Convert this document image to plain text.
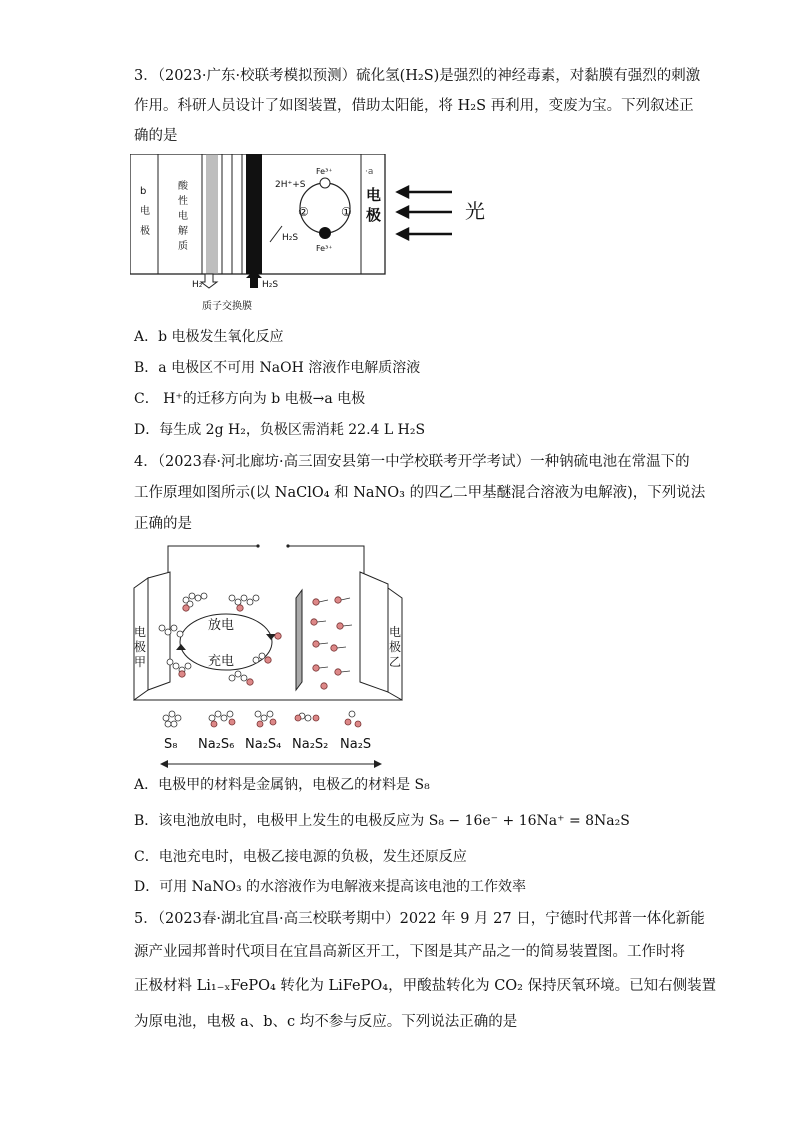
3．（2023·广东·校联考模拟预测）硫化氢(H₂S)是强烈的神经毒素，对黏膜有强烈的刺激
作用。科研人员设计了如图装置，借助太阳能，将 H₂S 再利用，变废为宝。下列叙述正
确的是
b
电
极
酸
性
电
解
质
·a
电
极
Fe³⁺
Fe³⁺
2H⁺+S
②	①
H₂S
H₂	H₂S
质子交换膜
光
A．b 电极发生氧化反应
B．a 电极区不可用 NaOH 溶液作电解质溶液
C． H⁺的迁移方向为 b 电极→a 电极
D．每生成 2g H₂，负极区需消耗 22.4 L H₂S
4．（2023春·河北廊坊·高三固安县第一中学校联考开学考试）一种钠硫电池在常温下的
工作原理如图所示(以 NaClO₄ 和 NaNO₃ 的四乙二甲基醚混合溶液为电解液)，下列说法
正确的是
电
极
甲
电
极
乙
放电
充电
S₈ Na₂S₆ Na₂S₄ Na₂S₂ Na₂S
A．电极甲的材料是金属钠，电极乙的材料是 S₈
B．该电池放电时，电极甲上发生的电极反应为 S₈ − 16e⁻ + 16Na⁺ = 8Na₂S
C．电池充电时，电极乙接电源的负极，发生还原反应
D．可用 NaNO₃ 的水溶液作为电解液来提高该电池的工作效率
5．（2023春·湖北宜昌·高三校联考期中）2022 年 9 月 27 日，宁德时代邦普一体化新能
源产业园邦普时代项目在宜昌高新区开工，下图是其产品之一的简易装置图。工作时将
正极材料 Li₁₋ₓFePO₄ 转化为 LiFePO₄，甲酸盐转化为 CO₂ 保持厌氧环境。已知右侧装置
为原电池，电极 a、b、c 均不参与反应。下列说法正确的是
